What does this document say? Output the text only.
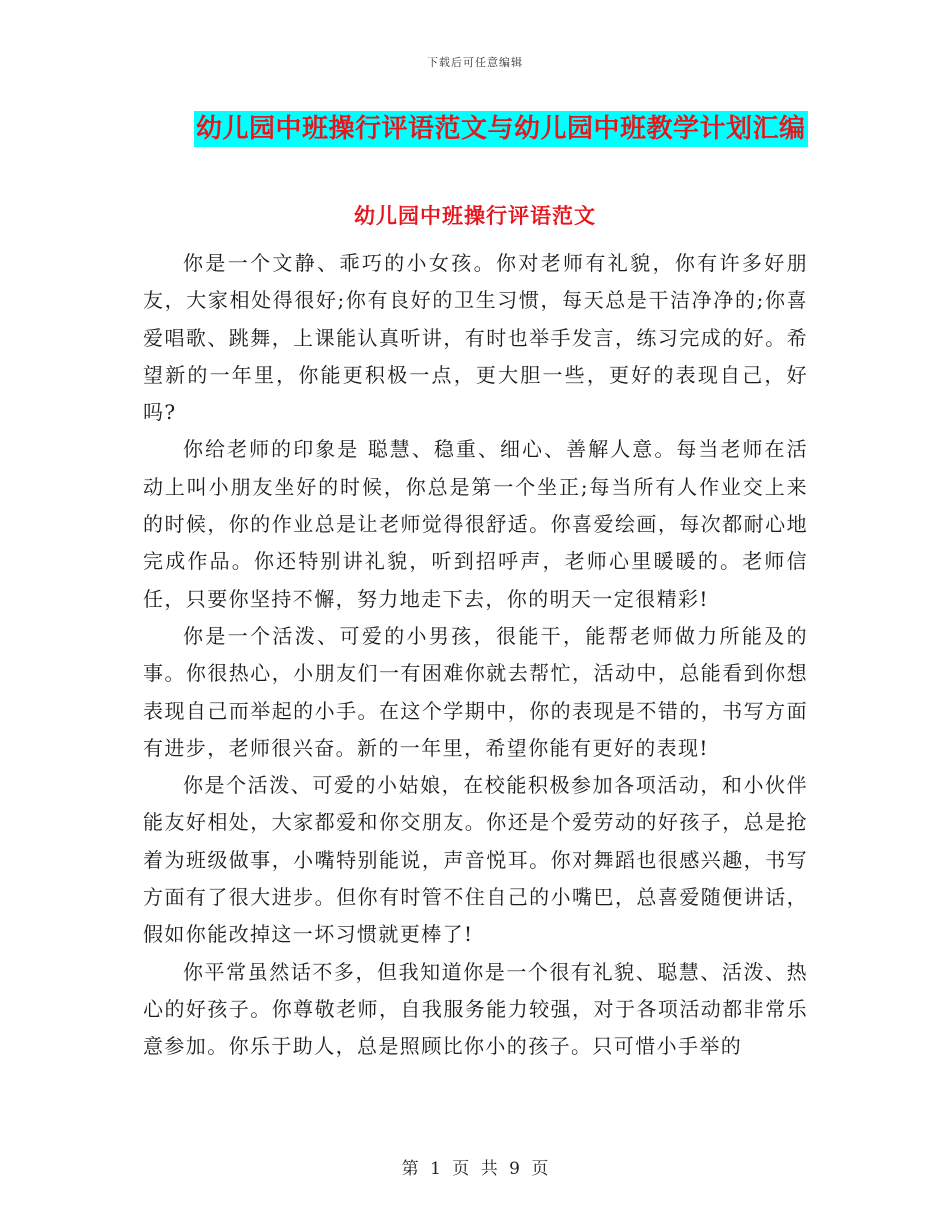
下载后可任意编辑
幼儿园中班操行评语范文与幼儿园中班教学计划汇编
幼儿园中班操行评语范文

你是一个文静、乖巧的小女孩。你对老师有礼貌，你有许多好朋友，大家相处得很好;你有良好的卫生习惯，每天总是干洁净净的;你喜爱唱歌、跳舞，上课能认真听讲，有时也举手发言，练习完成的好。希望新的一年里，你能更积极一点，更大胆一些，更好的表现自己，好吗?

你给老师的印象是 聪慧、稳重、细心、善解人意。每当老师在活动上叫小朋友坐好的时候，你总是第一个坐正;每当所有人作业交上来的时候，你的作业总是让老师觉得很舒适。你喜爱绘画，每次都耐心地完成作品。你还特别讲礼貌，听到招呼声，老师心里暖暖的。老师信任，只要你坚持不懈，努力地走下去，你的明天一定很精彩!

你是一个活泼、可爱的小男孩，很能干，能帮老师做力所能及的事。你很热心，小朋友们一有困难你就去帮忙，活动中，总能看到你想表现自己而举起的小手。在这个学期中，你的表现是不错的，书写方面有进步，老师很兴奋。新的一年里，希望你能有更好的表现!

你是个活泼、可爱的小姑娘，在校能积极参加各项活动，和小伙伴能友好相处，大家都爱和你交朋友。你还是个爱劳动的好孩子，总是抢着为班级做事，小嘴特别能说，声音悦耳。你对舞蹈也很感兴趣，书写方面有了很大进步。但你有时管不住自己的小嘴巴，总喜爱随便讲话，假如你能改掉这一坏习惯就更棒了!

你平常虽然话不多，但我知道你是一个很有礼貌、聪慧、活泼、热心的好孩子。你尊敬老师，自我服务能力较强，对于各项活动都非常乐意参加。你乐于助人，总是照顾比你小的孩子。只可惜小手举的

第 1 页 共 9 页
